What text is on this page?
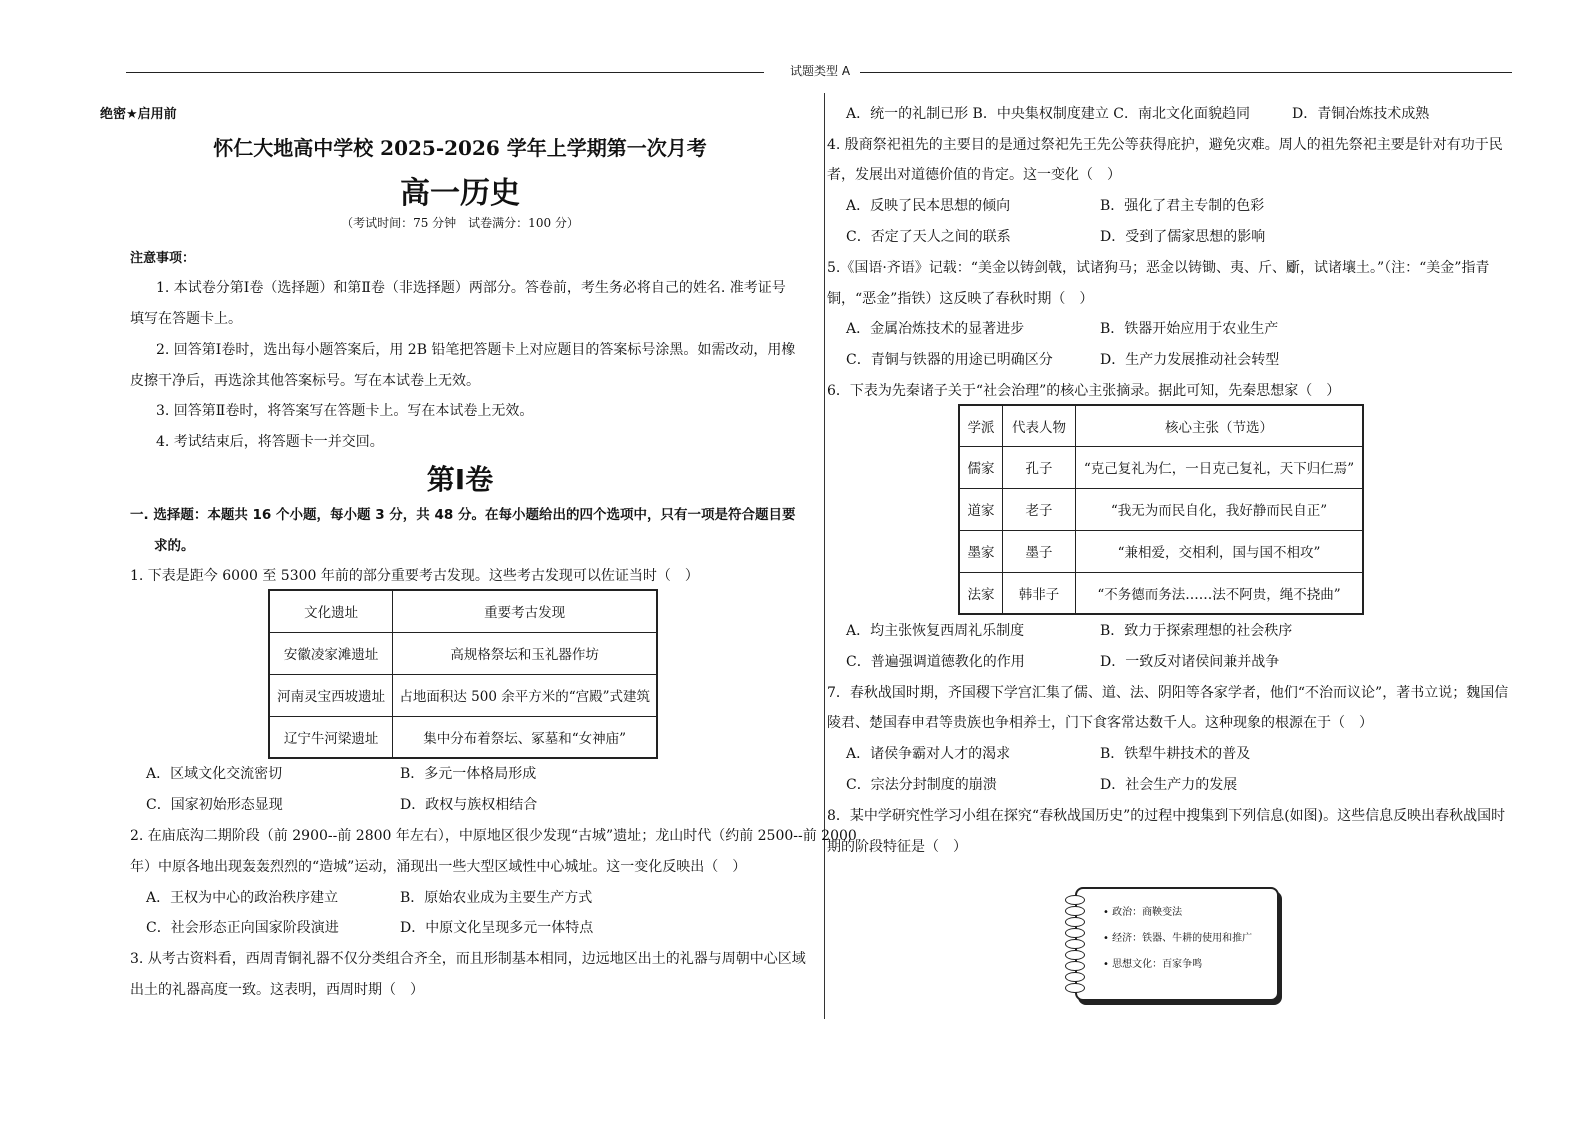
试题类型 A
绝密★启用前
怀仁大地高中学校 2025-2026 学年上学期第一次月考
高一历史
（考试时间：75 分钟　试卷满分：100 分）
注意事项：
1. 本试卷分第Ⅰ卷（选择题）和第Ⅱ卷（非选择题）两部分。答卷前，考生务必将自己的姓名. 准考证号
填写在答题卡上。
2. 回答第Ⅰ卷时，选出每小题答案后，用 2B 铅笔把答题卡上对应题目的答案标号涂黑。如需改动，用橡
皮擦干净后，再选涂其他答案标号。写在本试卷上无效。
3. 回答第Ⅱ卷时，将答案写在答题卡上。写在本试卷上无效。
4. 考试结束后，将答题卡一并交回。
第Ⅰ卷
一. 选择题：本题共 16 个小题，每小题 3 分，共 48 分。在每小题给出的四个选项中，只有一项是符合题目要
求的。
1. 下表是距今 6000 至 5300 年前的部分重要考古发现。这些考古发现可以佐证当时（　）
文化遗址	重要考古发现
安徽凌家滩遗址	高规格祭坛和玉礼器作坊
河南灵宝西坡遗址	占地面积达 500 余平方米的“宫殿”式建筑
辽宁牛河梁遗址	集中分布着祭坛、冢墓和“女神庙”
A．区域文化交流密切	B．多元一体格局形成
C．国家初始形态显现	D．政权与族权相结合
2. 在庙底沟二期阶段（前 2900--前 2800 年左右），中原地区很少发现“古城”遗址；龙山时代（约前 2500--前 2000
年）中原各地出现轰轰烈烈的“造城”运动，涌现出一些大型区域性中心城址。这一变化反映出（　）
A．王权为中心的政治秩序建立	B．原始农业成为主要生产方式
C．社会形态正向国家阶段演进	D．中原文化呈现多元一体特点
3. 从考古资料看，西周青铜礼器不仅分类组合齐全，而且形制基本相同，边远地区出土的礼器与周朝中心区域
出土的礼器高度一致。这表明，西周时期（　）
A．统一的礼制已形 B．中央集权制度建立 C．南北文化面貌趋同　　　D．青铜冶炼技术成熟
4. 殷商祭祀祖先的主要目的是通过祭祀先王先公等获得庇护，避免灾难。周人的祖先祭祀主要是针对有功于民
者，发展出对道德价值的肯定。这一变化（　）
A．反映了民本思想的倾向	B．强化了君主专制的色彩
C．否定了天人之间的联系	D．受到了儒家思想的影响
5.《国语·齐语》记载：“美金以铸剑戟，试诸狗马；恶金以铸锄、夷、斤、斸，试诸壤土。”（注：“美金”指青
铜，“恶金”指铁）这反映了春秋时期（　）
A．金属冶炼技术的显著进步	B．铁器开始应用于农业生产
C．青铜与铁器的用途已明确区分	D．生产力发展推动社会转型
6．下表为先秦诸子关于“社会治理”的核心主张摘录。据此可知，先秦思想家（　）
学派	代表人物	核心主张（节选）
儒家	孔子	“克己复礼为仁，一日克己复礼，天下归仁焉”
道家	老子	“我无为而民自化，我好静而民自正”
墨家	墨子	“兼相爱，交相利，国与国不相攻”
法家	韩非子	“不务德而务法……法不阿贵，绳不挠曲”
A．均主张恢复西周礼乐制度	B．致力于探索理想的社会秩序
C．普遍强调道德教化的作用	D．一致反对诸侯间兼并战争
7．春秋战国时期，齐国稷下学宫汇集了儒、道、法、阴阳等各家学者，他们“不治而议论”，著书立说；魏国信
陵君、楚国春申君等贵族也争相养士，门下食客常达数千人。这种现象的根源在于（　）
A．诸侯争霸对人才的渴求	B．铁犁牛耕技术的普及
C．宗法分封制度的崩溃	D．社会生产力的发展
8．某中学研究性学习小组在探究“春秋战国历史”的过程中搜集到下列信息(如图)。这些信息反映出春秋战国时
期的阶段特征是（　）
• 政治：商鞅变法
• 经济：铁器、牛耕的使用和推广
• 思想文化：百家争鸣
